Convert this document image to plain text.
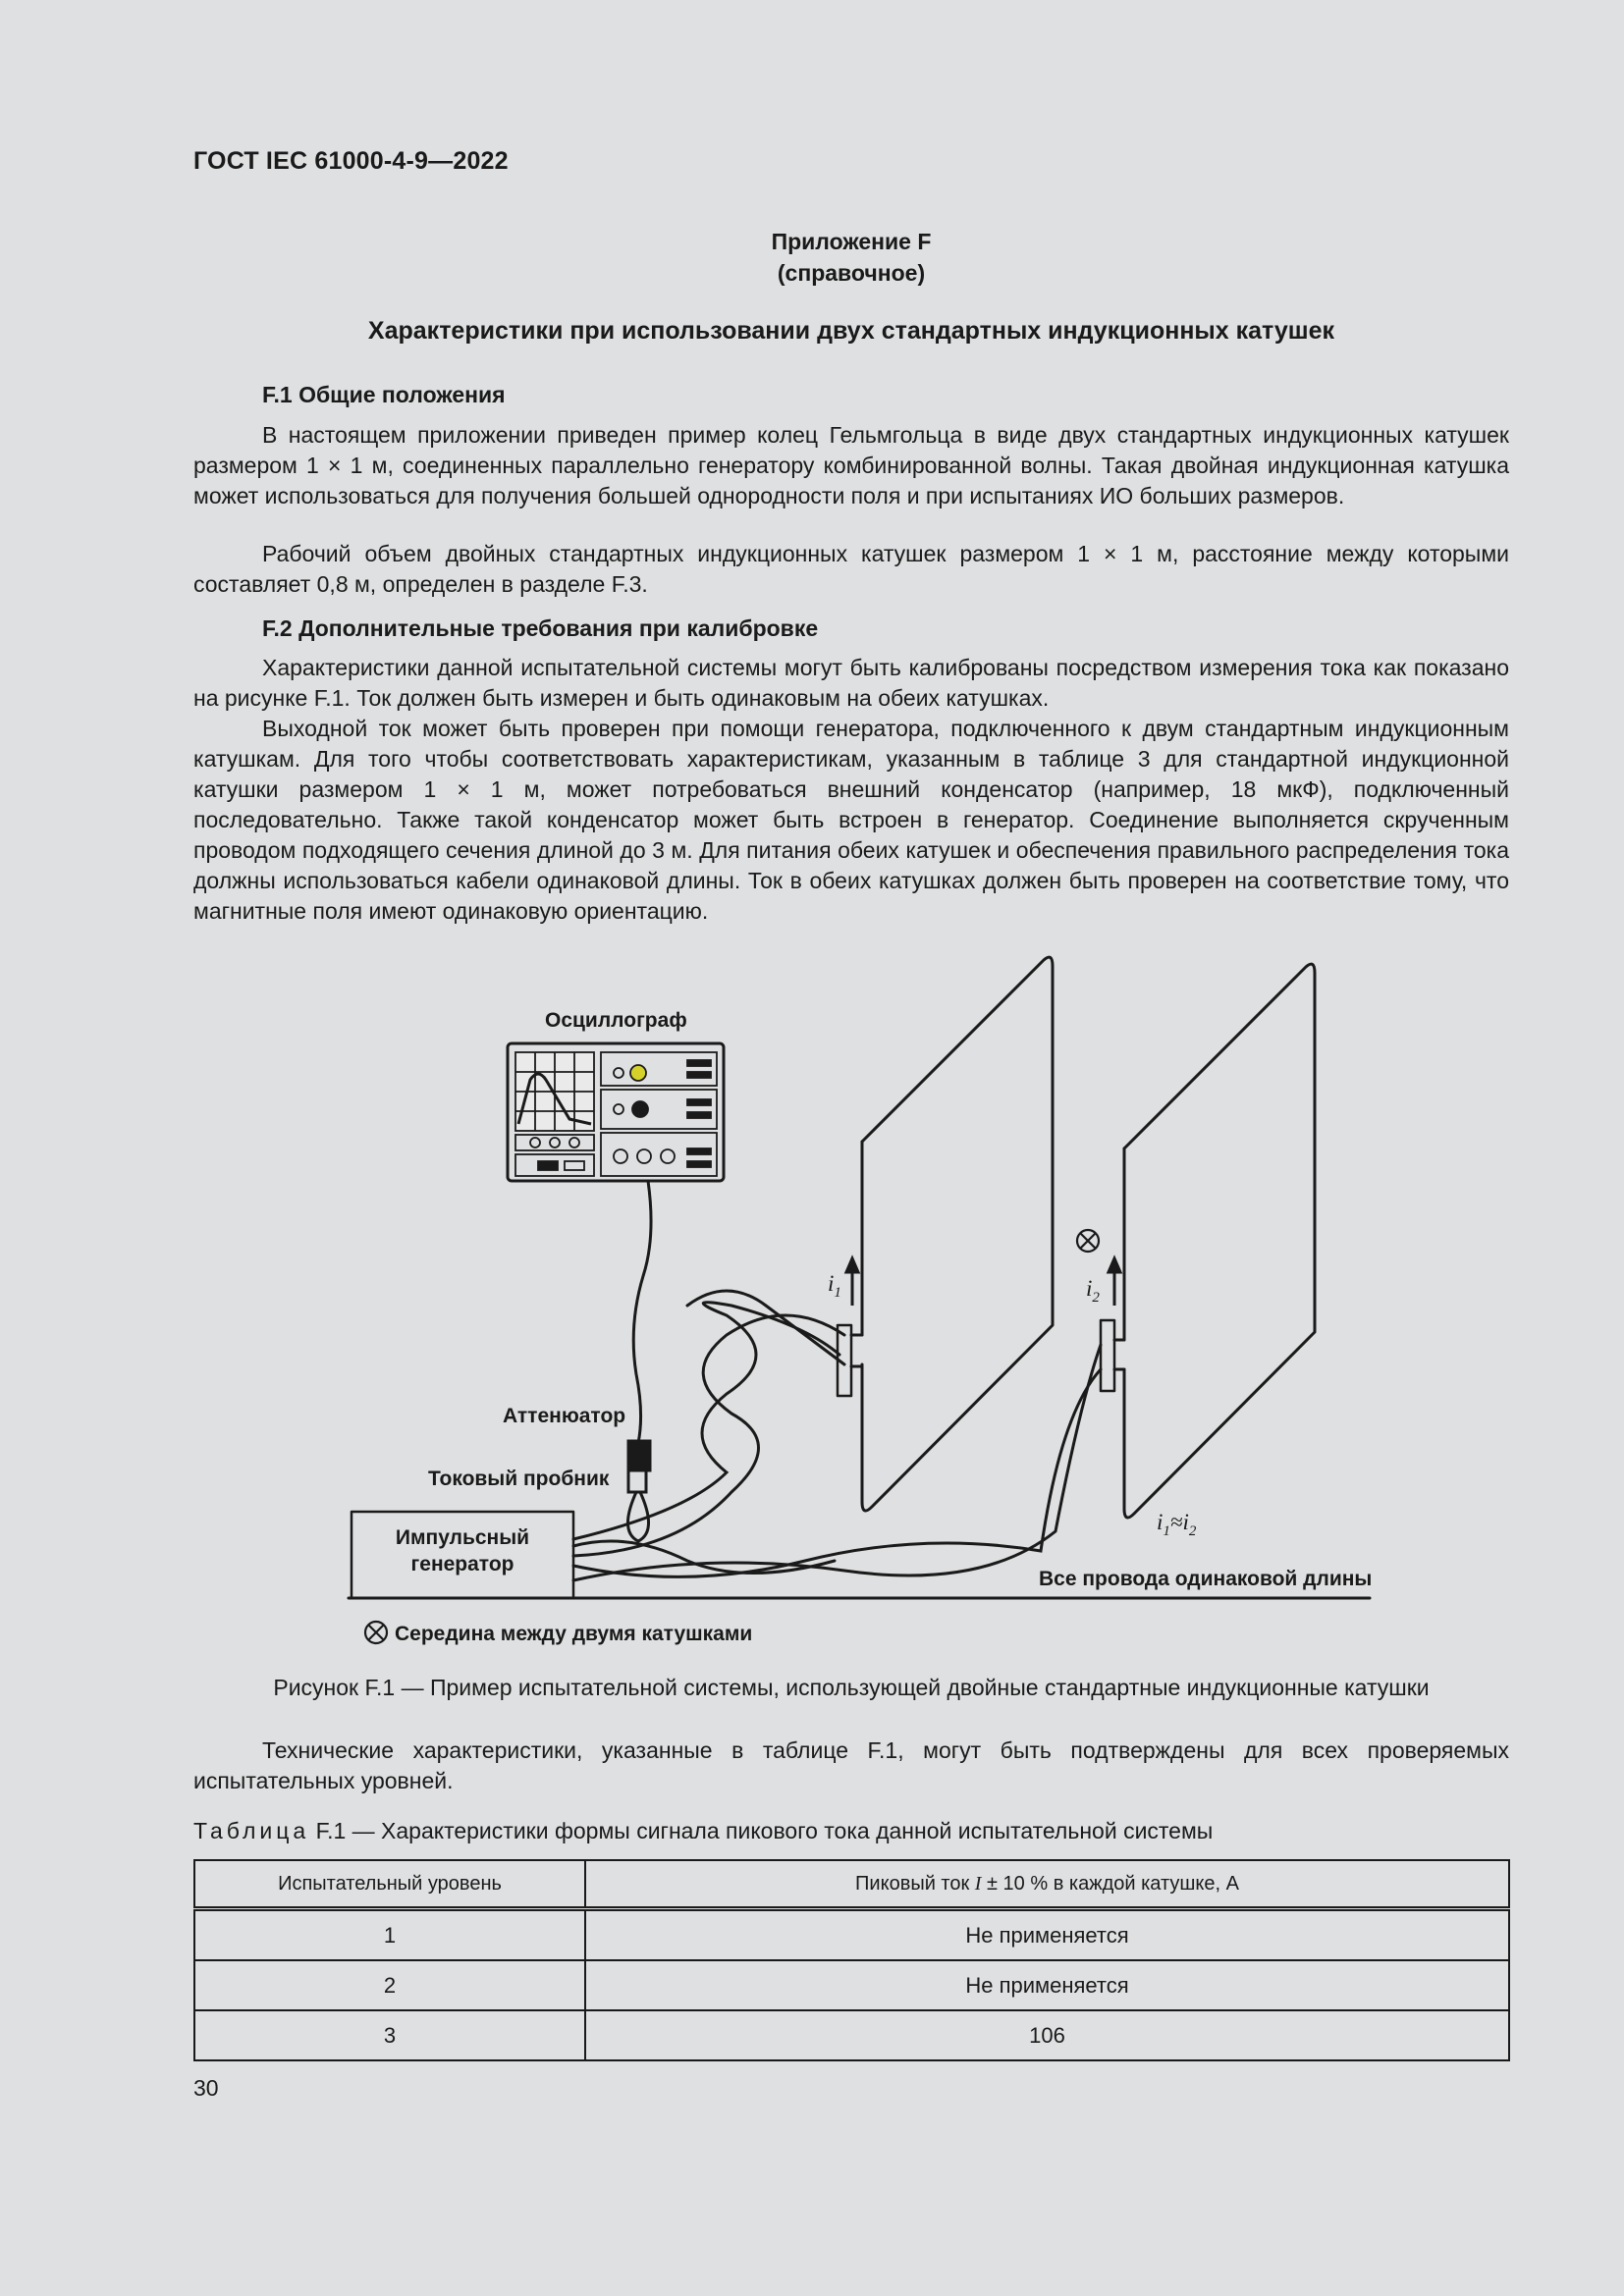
ГОСТ IEC 61000-4-9—2022
Приложение F
(справочное)
Характеристики при использовании двух стандартных индукционных катушек
F.1 Общие положения

В настоящем приложении приведен пример колец Гельмгольца в виде двух стандартных индукционных катушек размером 1 × 1 м, соединенных параллельно генератору комбинированной волны. Такая двойная индукционная катушка может использоваться для получения большей однородности поля и при испытаниях ИО больших размеров.

Рабочий объем двойных стандартных индукционных катушек размером 1 × 1 м, расстояние между которыми составляет 0,8 м, определен в разделе F.3.

F.2 Дополнительные требования при калибровке

Характеристики данной испытательной системы могут быть калиброваны посредством измерения тока как показано на рисунке F.1. Ток должен быть измерен и быть одинаковым на обеих катушках.

Выходной ток может быть проверен при помощи генератора, подключенного к двум стандартным индукционным катушкам. Для того чтобы соответствовать характеристикам, указанным в таблице 3 для стандартной индукционной катушки размером 1 × 1 м, может потребоваться внешний конденсатор (например, 18 мкФ), подключенный последовательно. Также такой конденсатор может быть встроен в генератор. Соединение выполняется скрученным проводом подходящего сечения длиной до 3 м. Для питания обеих катушек и обеспечения правильного распределения тока должны использоваться кабели одинаковой длины. Ток в обеих катушках должен быть проверен на соответствие тому, что магнитные поля имеют одинаковую ориентацию.

Осциллограф
Аттенюатор
Токовый пробник
Импульсный
генератор
Все провода одинаковой длины
Середина между двумя катушками
$i_1$	$i_2$
$i_1\approx i_2$
Рисунок F.1 — Пример испытательной системы, использующей двойные стандартные индукционные катушки

Технические характеристики, указанные в таблице F.1, могут быть подтверждены для всех проверяемых испытательных уровней.

Таблица F.1 — Характеристики формы сигнала пикового тока данной испытательной системы
Испытательный уровень	Пиковый ток I ± 10 % в каждой катушке, А
1	Не применяется
2	Не применяется
3	106
30
